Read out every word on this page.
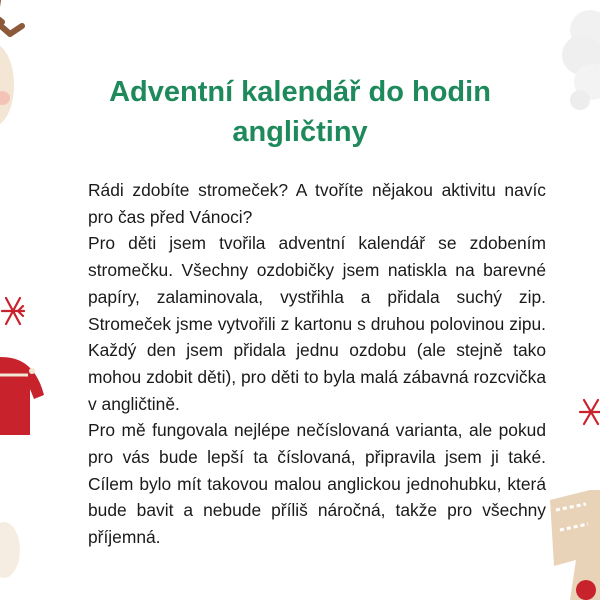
Adventní kalendář do hodin
angličtiny

Rádi zdobíte stromeček? A tvoříte nějakou aktivitu navíc pro čas před Vánoci?

Pro děti jsem tvořila adventní kalendář se zdobením stromečku. Všechny ozdobičky jsem natiskla na barevné papíry, zalaminovala, vystřihla a přidala suchý zip. Stromeček jsme vytvořili z kartonu s druhou polovinou zipu. Každý den jsem přidala jednu ozdobu (ale stejně tako mohou zdobit děti), pro děti to byla malá zábavná rozcvička v angličtině.

Pro mě fungovala nejlépe nečíslovaná varianta, ale pokud pro vás bude lepší ta číslovaná, připravila jsem ji také. Cílem bylo mít takovou malou anglickou jednohubku, která bude bavit a nebude příliš náročná, takže pro všechny příjemná.
